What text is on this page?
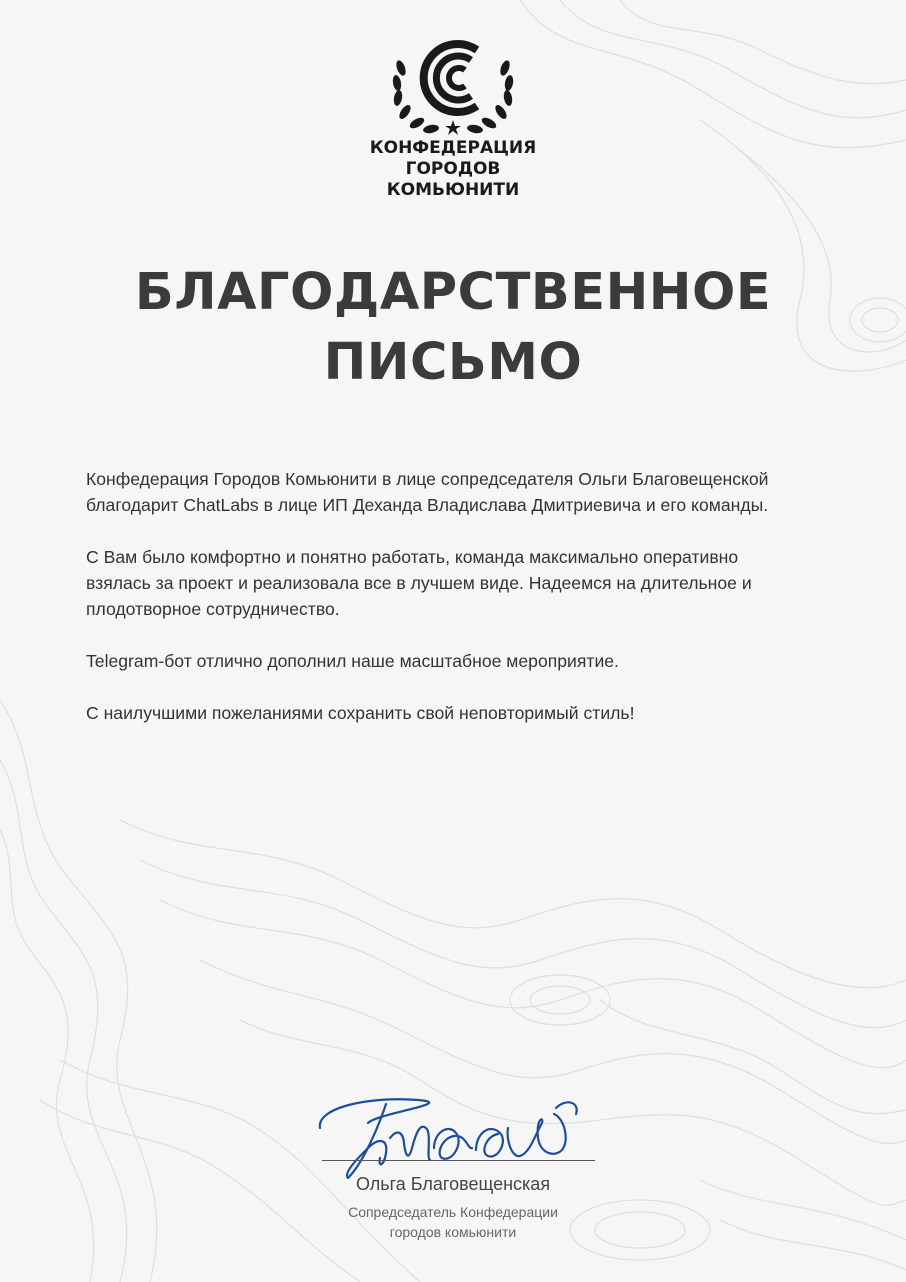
КОНФЕДЕРАЦИЯ
ГОРОДОВ
КОМЬЮНИТИ
БЛАГОДАРСТВЕННОЕ
ПИСЬМО

Конфедерация Городов Комьюнити в лице сопредседателя Ольги Благовещенской благодарит ChatLabs в лице ИП Деханда Владислава Дмитриевича и его команды.

С Вам было комфортно и понятно работать, команда максимально оперативно взялась за проект и реализовала все в лучшем виде. Надеемся на длительное и плодотворное сотрудничество.

Telegram-бот отлично дополнил наше масштабное мероприятие.

С наилучшими пожеланиями сохранить свой неповторимый стиль!

Ольга Благовещенская
Сопредседатель Конфедерации
городов комьюнити
